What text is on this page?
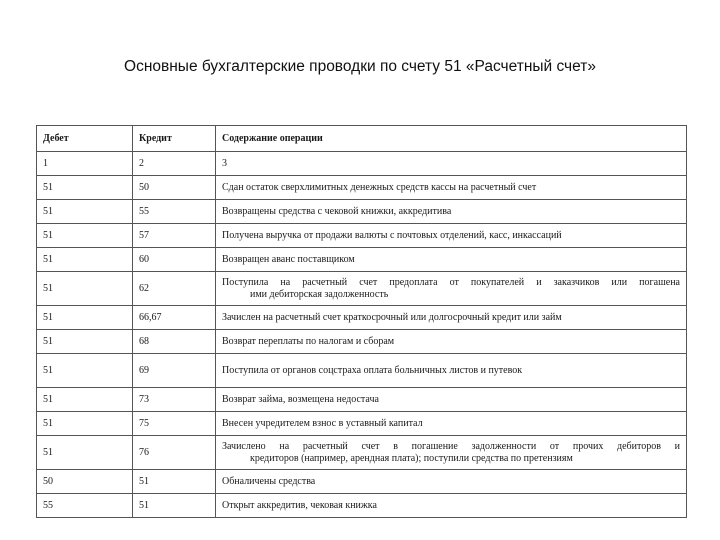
Основные бухгалтерские проводки по счету 51 «Расчетный счет»
Дебет	Кредит	Содержание операции
1	2	3
51	50	Сдан остаток сверхлимитных денежных средств кассы на расчетный счет
51	55	Возвращены средства с чековой книжки, аккредитива
51	57	Получена выручка от продажи валюты с почтовых отделений, касс, инкассаций
51	60	Возвращен аванс поставщиком
51	62	Поступила на расчетный счет предоплата от покупателей и заказчиков или погашена
ими дебиторская задолженность

51	66,67	Зачислен на расчетный счет краткосрочный или долгосрочный кредит или займ
51	68	Возврат переплаты по налогам и сборам
51	69	Поступила от органов соцстраха оплата больничных листов и путевок
51	73	Возврат займа, возмещена недостача
51	75	Внесен учредителем взнос в уставный капитал
51	76	Зачислено на расчетный счет в погашение задолженности от прочих дебиторов и
кредиторов (например, арендная плата); поступили средства по претензиям

50	51	Обналичены средства
55	51	Открыт аккредитив, чековая книжка
